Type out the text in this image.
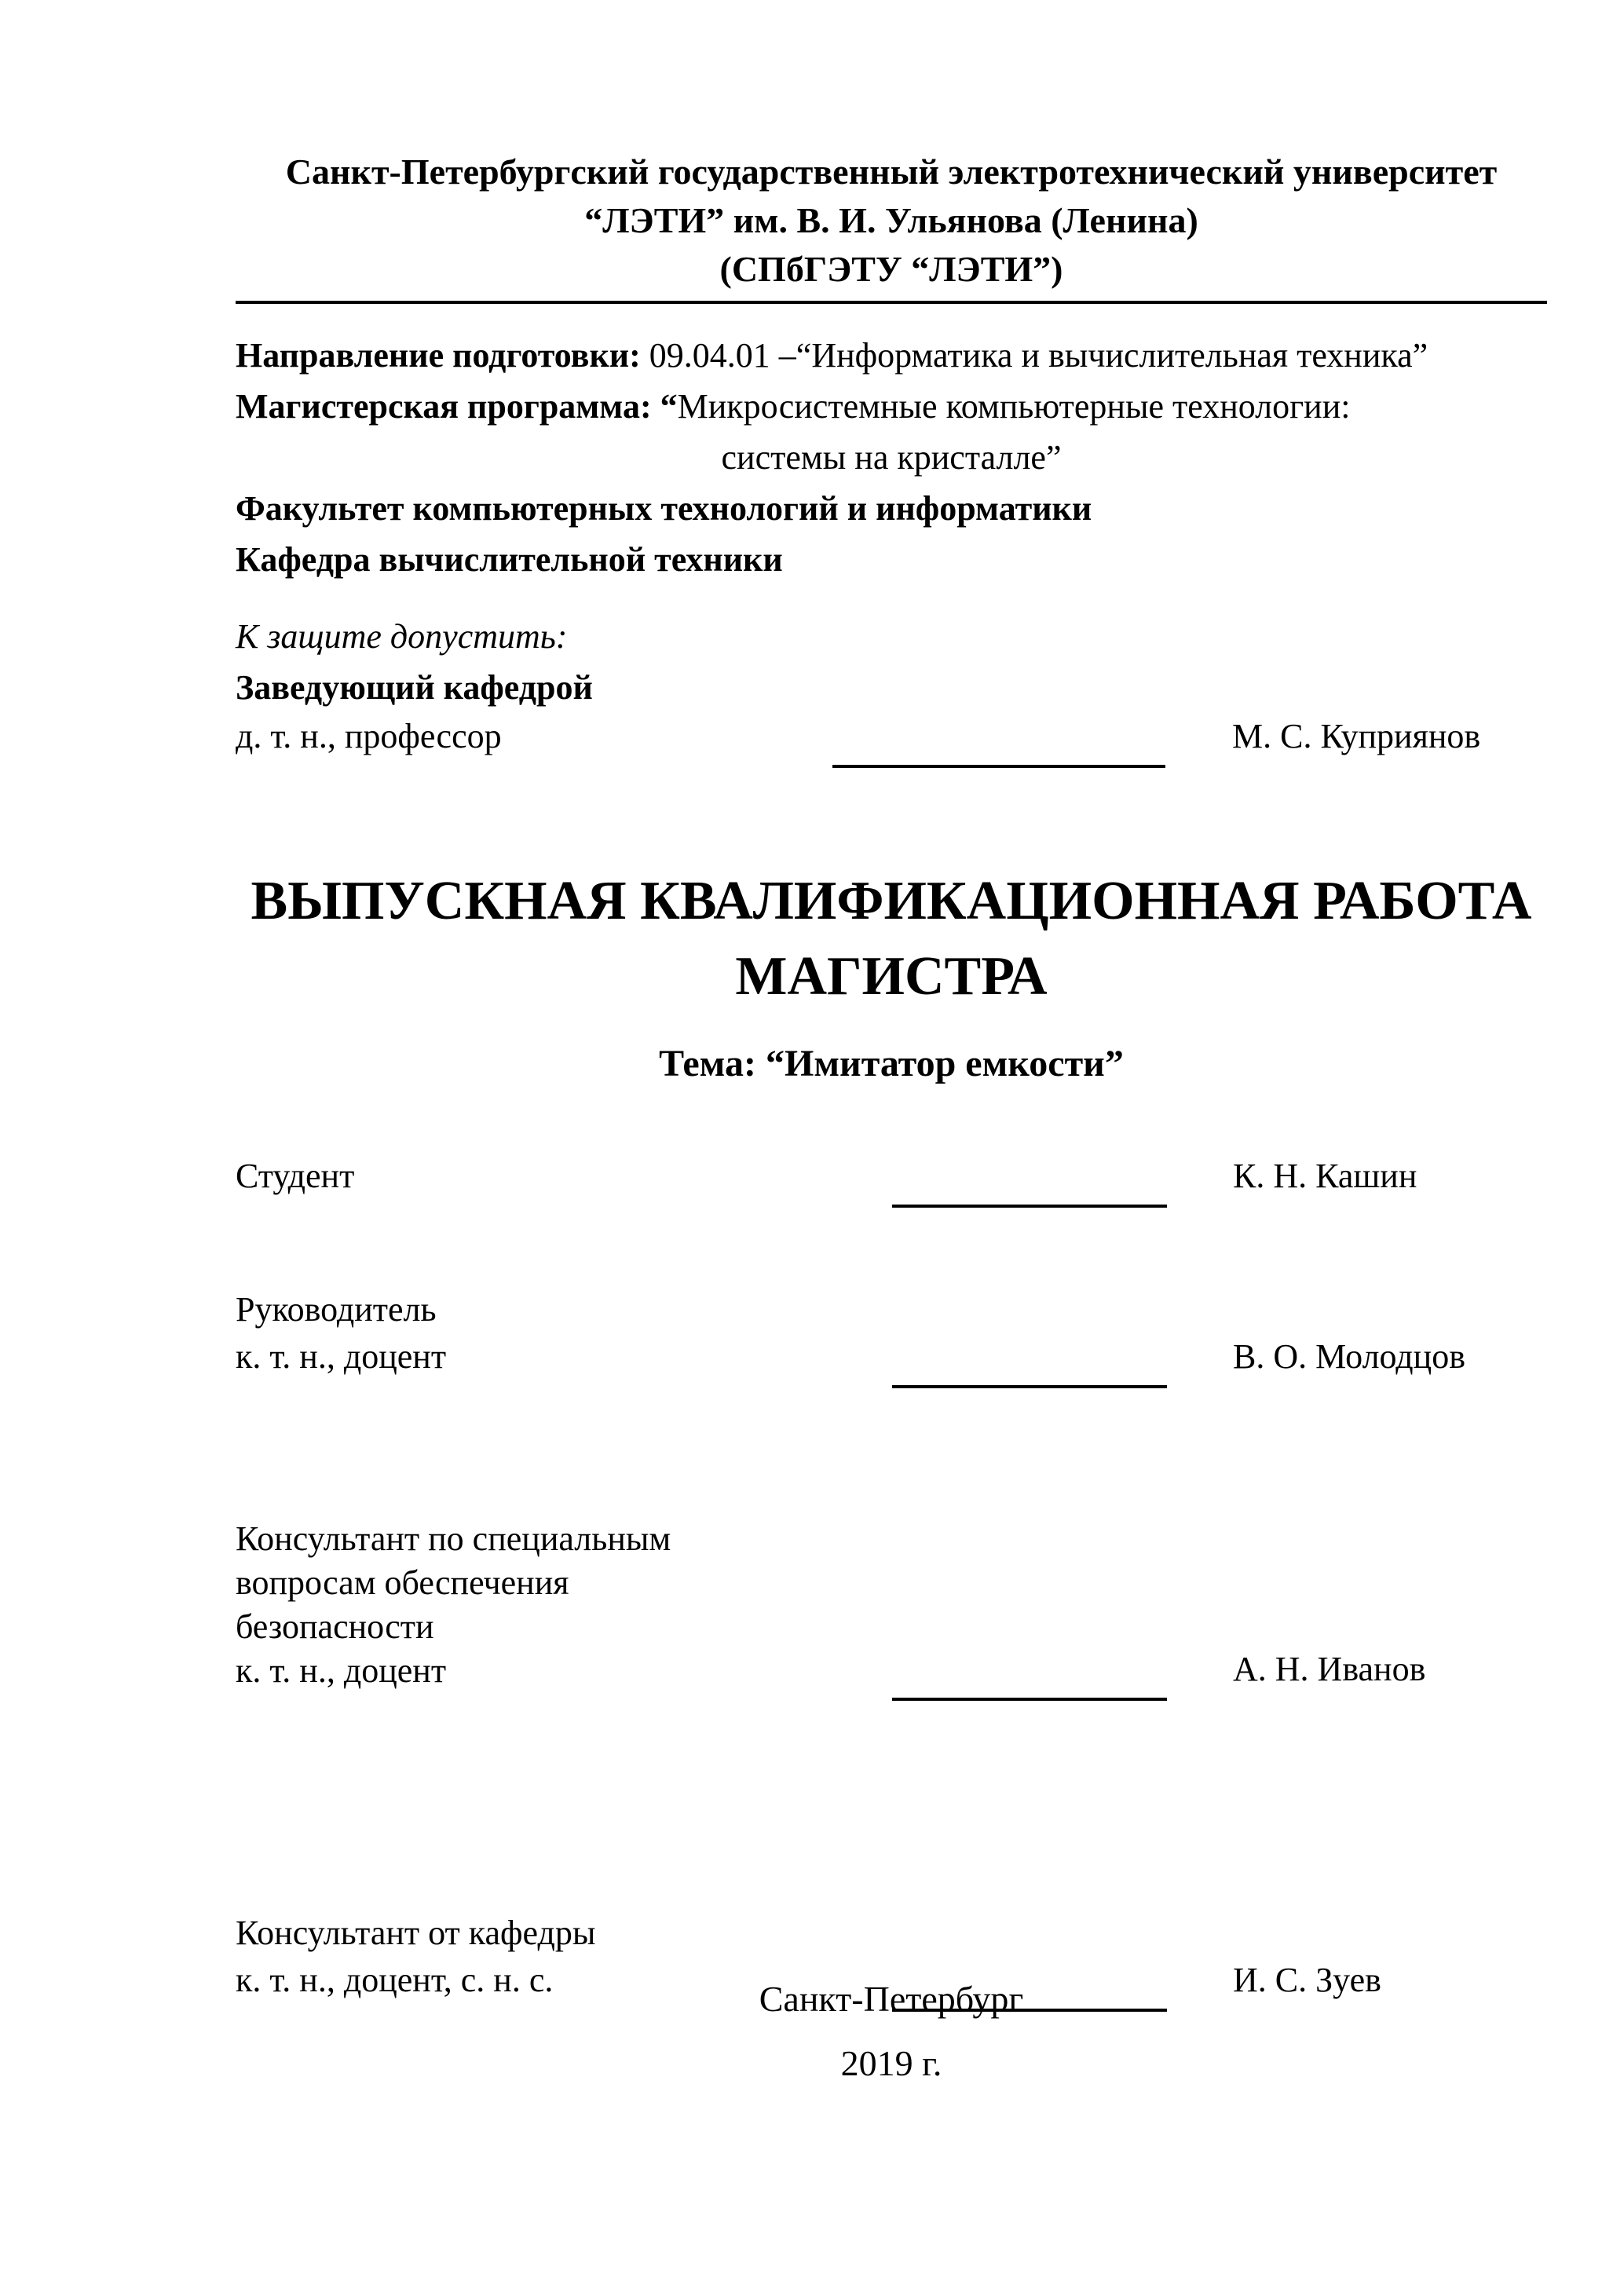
Санкт-Петербургский государственный электротехнический университет
“ЛЭТИ” им. В. И. Ульянова (Ленина)
(СПбГЭТУ “ЛЭТИ”)
Направление подготовки: 09.04.01 –“Информатика и вычислительная техника”
Магистерская программа: “Микросистемные компьютерные технологии:
системы на кристалле”
Факультет компьютерных технологий и информатики
Кафедра вычислительной техники
К защите допустить:
Заведующий кафедрой
д. т. н., профессор	М. С. Куприянов
ВЫПУСКНАЯ КВАЛИФИКАЦИОННАЯ РАБОТА
МАГИСТРА
Тема: “Имитатор емкости”
Студент	К. Н. Кашин
Руководитель
к. т. н., доцент	В. О. Молодцов
Консультант по специальным
вопросам обеспечения
безопасности
к. т. н., доцент	А. Н. Иванов
Консультант от кафедры
к. т. н., доцент, с. н. с.	И. С. Зуев
Санкт-Петербург
2019 г.
